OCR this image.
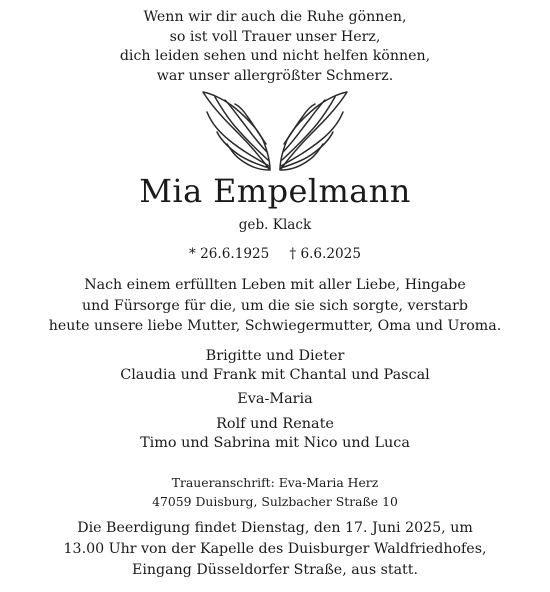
Wenn wir dir auch die Ruhe gönnen,
so ist voll Trauer unser Herz,
dich leiden sehen und nicht helfen können,
war unser allergrößter Schmerz.
Mia Empelmann
geb. Klack
* 26.6.1925 † 6.6.2025
Nach einem erfüllten Leben mit aller Liebe, Hingabe
und Fürsorge für die, um die sie sich sorgte, verstarb
heute unsere liebe Mutter, Schwiegermutter, Oma und Uroma.
Brigitte und Dieter
Claudia und Frank mit Chantal und Pascal
Eva-Maria
Rolf und Renate
Timo und Sabrina mit Nico und Luca
Traueranschrift: Eva-Maria Herz
47059 Duisburg, Sulzbacher Straße 10
Die Beerdigung findet Dienstag, den 17. Juni 2025, um
13.00 Uhr von der Kapelle des Duisburger Waldfriedhofes,
Eingang Düsseldorfer Straße, aus statt.
